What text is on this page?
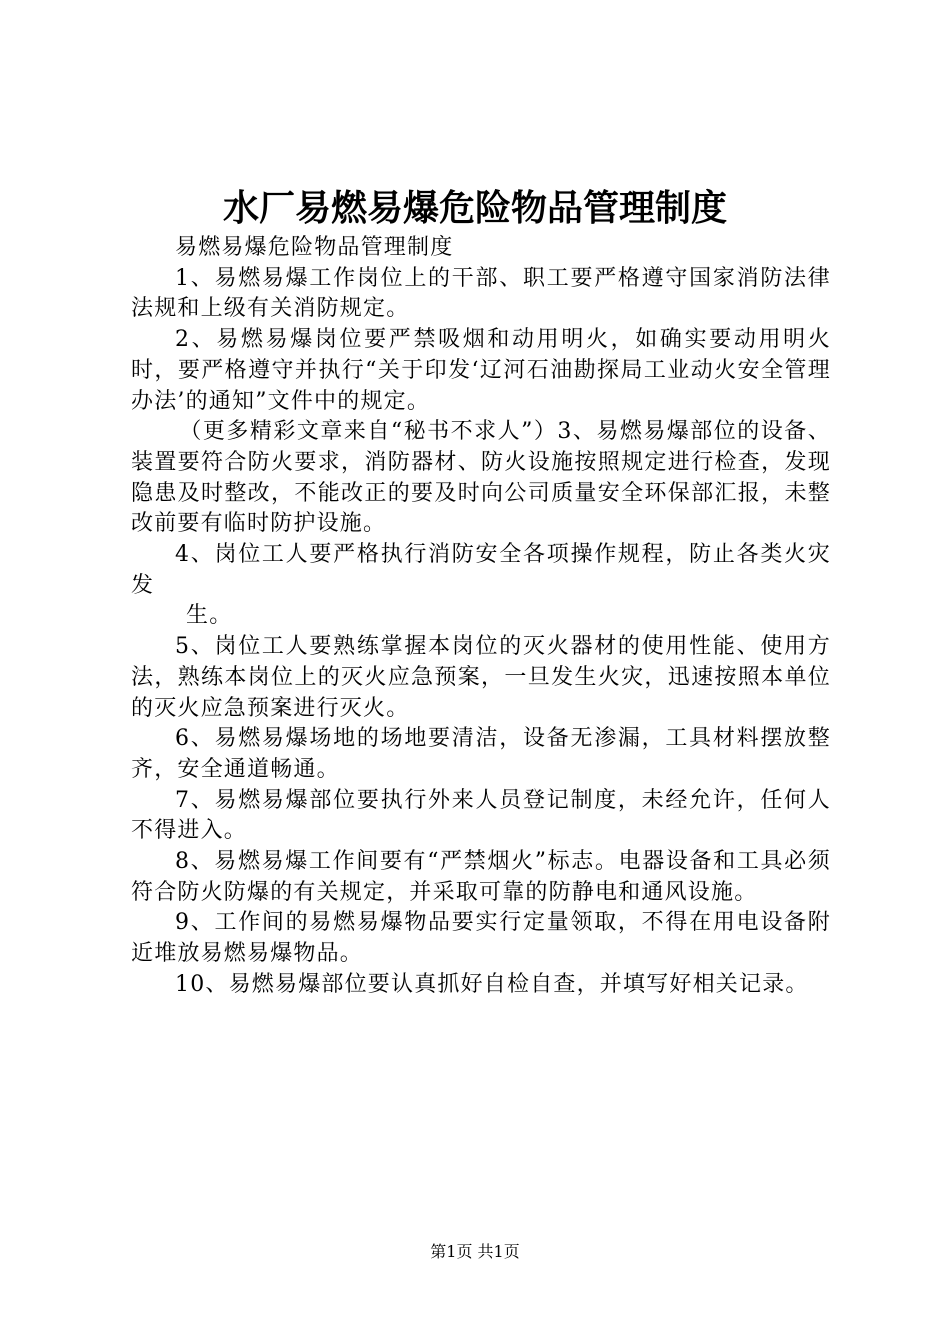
水厂易燃易爆危险物品管理制度

易燃易爆危险物品管理制度

1、易燃易爆工作岗位上的干部、职工要严格遵守国家消防法律法规和上级有关消防规定。

2、易燃易爆岗位要严禁吸烟和动用明火，如确实要动用明火时，要严格遵守并执行“关于印发‘辽河石油勘探局工业动火安全管理办法’的通知”文件中的规定。

（更多精彩文章来自“秘书不求人”）3、易燃易爆部位的设备、装置要符合防火要求，消防器材、防火设施按照规定进行检查，发现隐患及时整改，不能改正的要及时向公司质量安全环保部汇报，未整改前要有临时防护设施。

4、岗位工人要严格执行消防安全各项操作规程，防止各类火灾发

生。

5、岗位工人要熟练掌握本岗位的灭火器材的使用性能、使用方法，熟练本岗位上的灭火应急预案，一旦发生火灾，迅速按照本单位的灭火应急预案进行灭火。

6、易燃易爆场地的场地要清洁，设备无渗漏，工具材料摆放整齐，安全通道畅通。

7、易燃易爆部位要执行外来人员登记制度，未经允许，任何人不得进入。

8、易燃易爆工作间要有“严禁烟火”标志。电器设备和工具必须符合防火防爆的有关规定，并采取可靠的防静电和通风设施。

9、工作间的易燃易爆物品要实行定量领取，不得在用电设备附近堆放易燃易爆物品。

10、易燃易爆部位要认真抓好自检自查，并填写好相关记录。

第1页 共1页
